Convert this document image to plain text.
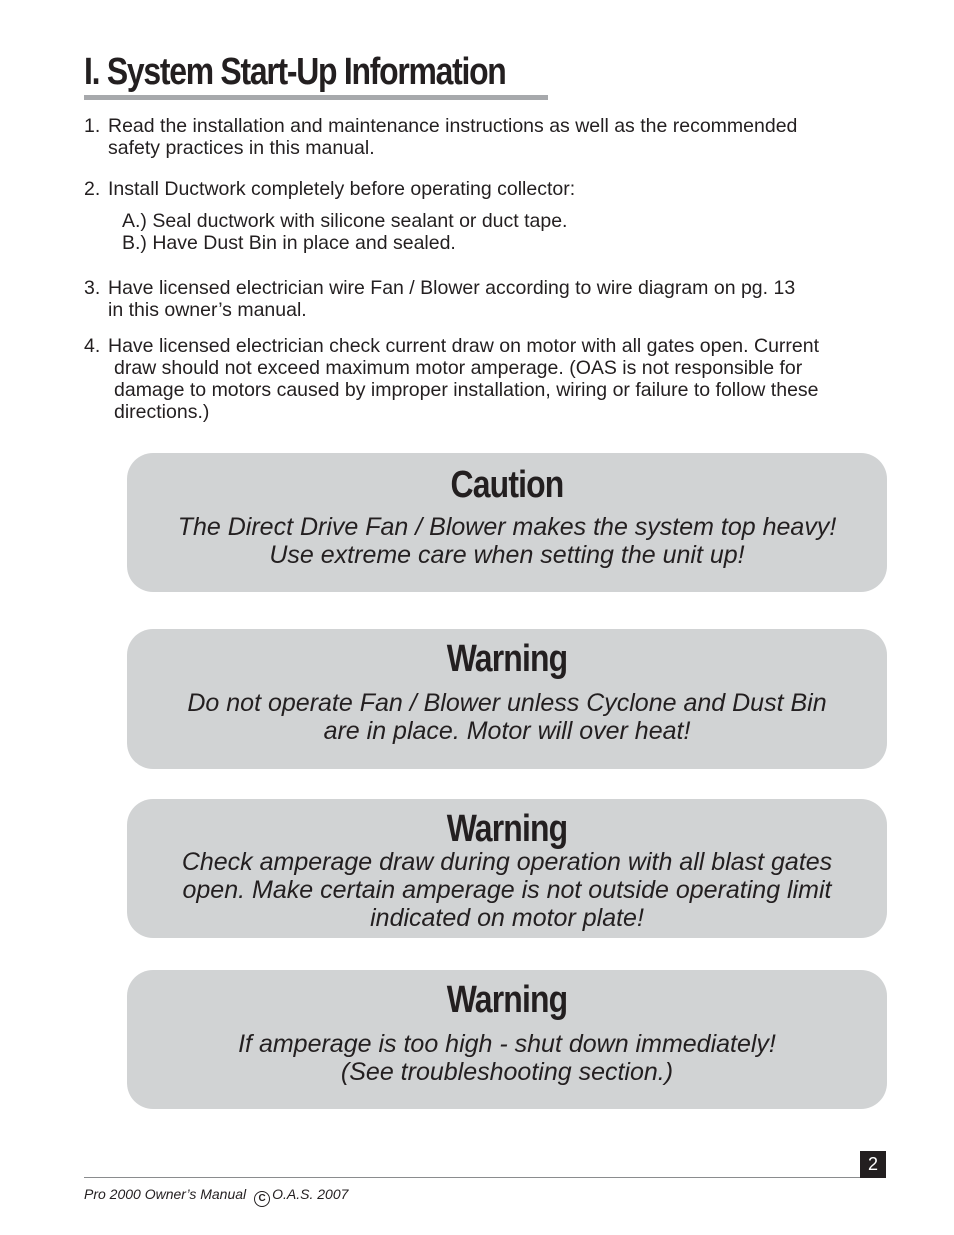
I. System Start-Up Information
1. Read the installation and maintenance instructions as well as the recommended
safety practices in this manual.
2. Install Ductwork completely before operating collector:
A.) Seal ductwork with silicone sealant or duct tape.
B.) Have Dust Bin in place and sealed.
3. Have licensed electrician wire Fan / Blower according to wire diagram on pg. 13
in this owner’s manual.
4. Have licensed electrician check current draw on motor with all gates open. Current
draw should not exceed maximum motor amperage. (OAS is not responsible for
damage to motors caused by improper installation, wiring or failure to follow these
directions.)
Caution
The Direct Drive Fan / Blower makes the system top heavy!
Use extreme care when setting the unit up!
Warning
Do not operate Fan / Blower unless Cyclone and Dust Bin
are in place. Motor will over heat!
Warning
Check amperage draw during operation with all blast gates
open. Make certain amperage is not outside operating limit
indicated on motor plate!
Warning
If amperage is too high - shut down immediately!
(See troubleshooting section.)
2
Pro 2000 Owner’s Manual C O.A.S. 2007
